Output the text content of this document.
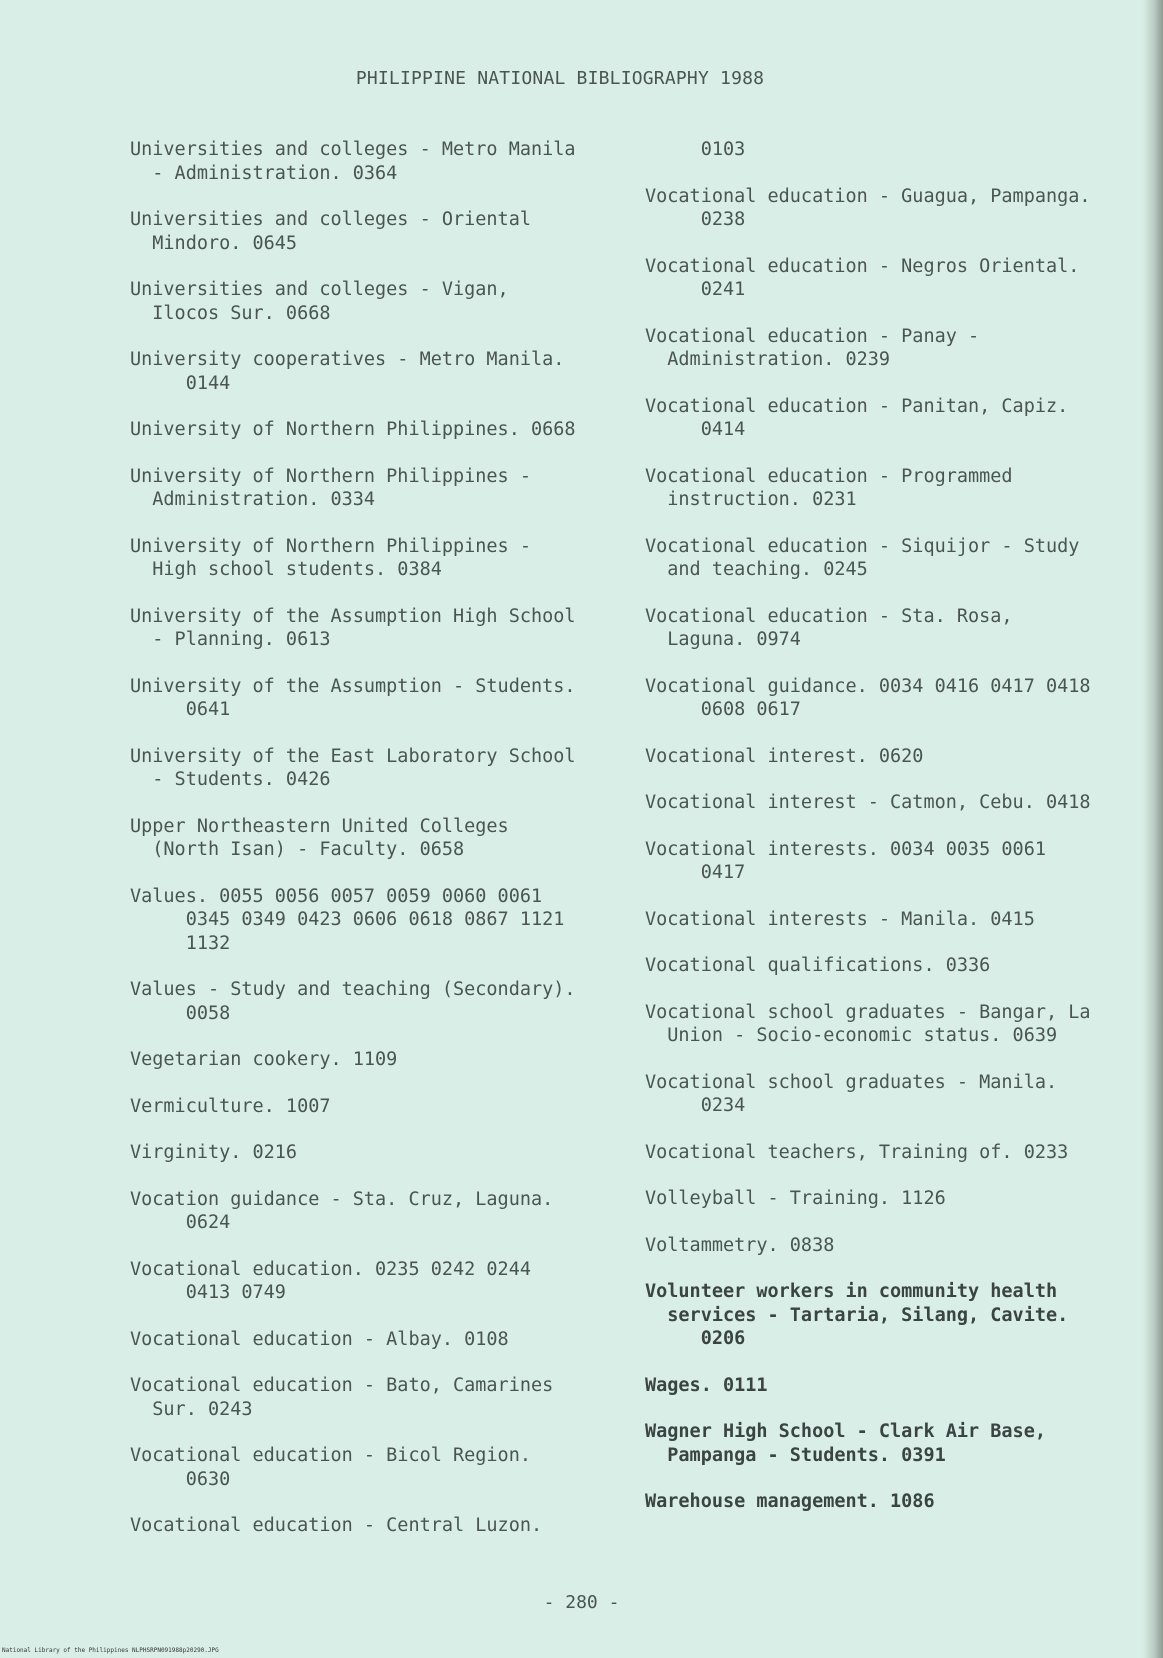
PHILIPPINE NATIONAL BIBLIOGRAPHY 1988
Universities and colleges - Metro Manila
- Administration. 0364
Universities and colleges - Oriental
Mindoro. 0645
Universities and colleges - Vigan,
Ilocos Sur. 0668
University cooperatives - Metro Manila.
0144
University of Northern Philippines. 0668
University of Northern Philippines -
Administration. 0334
University of Northern Philippines -
High school students. 0384
University of the Assumption High School
- Planning. 0613
University of the Assumption - Students.
0641
University of the East Laboratory School
- Students. 0426
Upper Northeastern United Colleges
(North Isan) - Faculty. 0658
Values. 0055 0056 0057 0059 0060 0061
0345 0349 0423 0606 0618 0867 1121
1132
Values - Study and teaching (Secondary).
0058
Vegetarian cookery. 1109
Vermiculture. 1007
Virginity. 0216
Vocation guidance - Sta. Cruz, Laguna.
0624
Vocational education. 0235 0242 0244
0413 0749
Vocational education - Albay. 0108
Vocational education - Bato, Camarines
Sur. 0243
Vocational education - Bicol Region.
0630
Vocational education - Central Luzon.
0103
Vocational education - Guagua, Pampanga.
0238
Vocational education - Negros Oriental.
0241
Vocational education - Panay -
Administration. 0239
Vocational education - Panitan, Capiz.
0414
Vocational education - Programmed
instruction. 0231
Vocational education - Siquijor - Study
and teaching. 0245
Vocational education - Sta. Rosa,
Laguna. 0974
Vocational guidance. 0034 0416 0417 0418
0608 0617
Vocational interest. 0620
Vocational interest - Catmon, Cebu. 0418
Vocational interests. 0034 0035 0061
0417
Vocational interests - Manila. 0415
Vocational qualifications. 0336
Vocational school graduates - Bangar, La
Union - Socio-economic status. 0639
Vocational school graduates - Manila.
0234
Vocational teachers, Training of. 0233
Volleyball - Training. 1126
Voltammetry. 0838
Volunteer workers in community health
services - Tartaria, Silang, Cavite.
0206
Wages. 0111
Wagner High School - Clark Air Base,
Pampanga - Students. 0391
Warehouse management. 1086
- 280 -
National Library of the Philippines NLPHSRPN091988p20290.JPG
